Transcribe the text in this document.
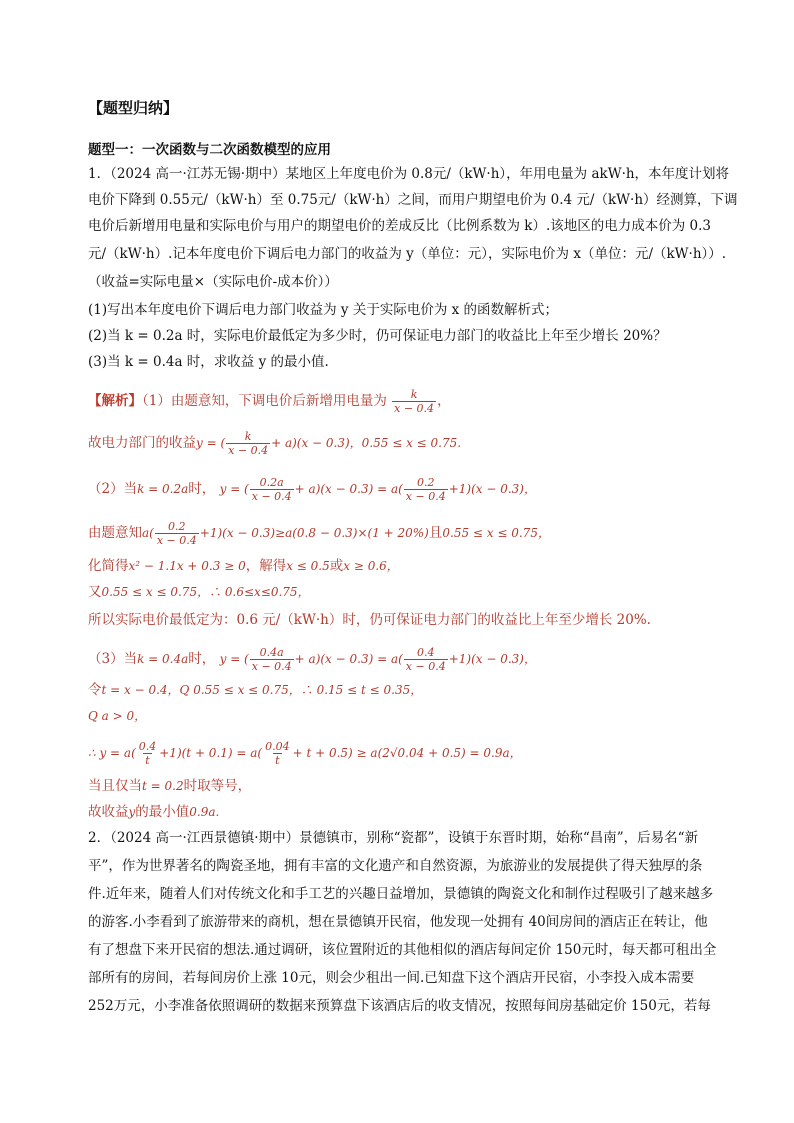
【题型归纳】
题型一：一次函数与二次函数模型的应用
1．（2024 高一·江苏无锡·期中）某地区上年度电价为 0.8元/（kW·h），年用电量为 akW·h，本年度计划将
电价下降到 0.55元/（kW·h）至 0.75元/（kW·h）之间，而用户期望电价为 0.4 元/（kW·h）经测算，下调
电价后新增用电量和实际电价与用户的期望电价的差成反比（比例系数为 k）.该地区的电力成本价为 0.3
元/（kW·h）.记本年度电价下调后电力部门的收益为 y（单位：元），实际电价为 x（单位：元/（kW·h））.
（收益=实际电量×（实际电价-成本价））
(1)写出本年度电价下调后电力部门收益为 y 关于实际电价为 x 的函数解析式；
(2)当 k = 0.2a 时，实际电价最低定为多少时，仍可保证电力部门的收益比上年至少增长 20%？
(3)当 k = 0.4a 时，求收益 y 的最小值.
【解析】（1）由题意知，下调电价后新增用电量为 $\frac{k}{x - 0.4}$ ，
故电力部门的收益y = ( $\frac{k}{x - 0.4} + a)(x - 0.3)$，0.55 ≤ x ≤ 0.75.
（2）当k = 0.2a时， y = ( $\frac{0.2a}{x - 0.4} + a)(x - 0.3) = a( \frac{0.2}{x - 0.4} +1)(x - 0.3)$，
由题意知$a( \frac{0.2}{x - 0.4} +1)(x - 0.3)\ge a(0.8 - 0.3)\times(1 + 20\%)$且0.55 ≤ x ≤ 0.75，
化简得x² − 1.1x + 0.3 ≥ 0，解得x ≤ 0.5或x ≥ 0.6，
又0.55 ≤ x ≤ 0.75，∴ 0.6≤x≤0.75，
所以实际电价最低定为：0.6 元/（kW·h）时，仍可保证电力部门的收益比上年至少增长 20%.
（3）当k = 0.4a时， y = ( $\frac{0.4a}{x - 0.4} + a)(x - 0.3) = a( \frac{0.4}{x - 0.4} +1)(x - 0.3)$，
令t = x − 0.4，Q 0.55 ≤ x ≤ 0.75，∴ 0.15 ≤ t ≤ 0.35，
Q a > 0，
∴ $y = a( \frac{0.4}{t} +1)(t + 0.1) = a( \frac{0.04}{t} + t + 0.5) \ge a(2√0.04 + 0.5) = 0.9a$，
当且仅当t = 0.2时取等号，
故收益y的最小值0.9a.
2．（2024 高一·江西景德镇·期中）景德镇市，别称“瓷都”，设镇于东晋时期，始称“昌南”，后易名“新
平”，作为世界著名的陶瓷圣地，拥有丰富的文化遗产和自然资源，为旅游业的发展提供了得天独厚的条
件.近年来，随着人们对传统文化和手工艺的兴趣日益增加，景德镇的陶瓷文化和制作过程吸引了越来越多
的游客.小李看到了旅游带来的商机，想在景德镇开民宿，他发现一处拥有 40间房间的酒店正在转让，他
有了想盘下来开民宿的想法.通过调研，该位置附近的其他相似的酒店每间定价 150元时，每天都可租出全
部所有的房间，若每间房价上涨 10元，则会少租出一间.已知盘下这个酒店开民宿，小李投入成本需要
252万元，小李准备依照调研的数据来预算盘下该酒店后的收支情况，按照每间房基础定价 150元，若每
